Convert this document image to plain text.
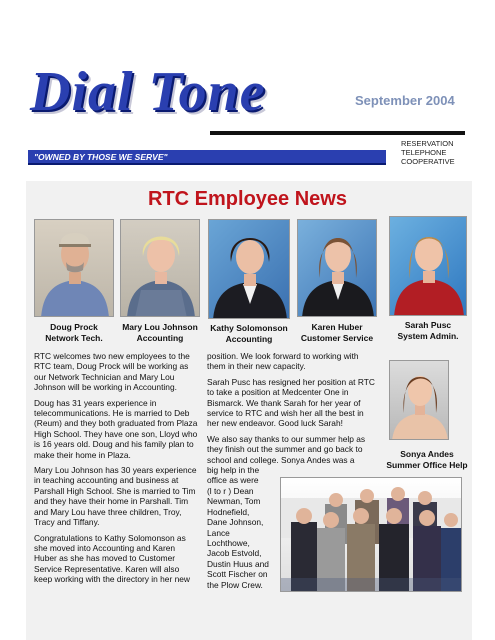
Dial Tone	September 2004
"OWNED BY THOSE WE SERVE"
RESERVATION
TELEPHONE
COOPERATIVE
RTC Employee News
Doug Prock
Network Tech.
Mary Lou Johnson
Accounting
Kathy Solomonson
Accounting
Karen Huber
Customer Service
Sarah Pusc
System Admin.

RTC welcomes two new employees to the RTC team, Doug Prock will be working as our Network Technician and Mary Lou Johnson will be working in Accounting.

Doug has 31 years experience in telecommunications. He is married to Deb (Reum) and they both graduated from Plaza High School. They have one son, Lloyd who is 16 years old. Doug and his family plan to make their home in Plaza.

Mary Lou Johnson has 30 years experience in teaching accounting and business at Parshall High School. She is married to Tim and they have their home in Parshall. Tim and Mary Lou have three children, Troy, Tracy and Tiffany.

Congratulations to Kathy Solomonson as she moved into Accounting and Karen Huber as she has moved to Customer Service Representative. Karen will also keep working with the directory in her new

position. We look forward to working with them in their new capacity.

Sarah Pusc has resigned her position at RTC to take a position at Medcenter One in Bismarck. We thank Sarah for her year of service to RTC and wish her all the best in her new endeavor. Good luck Sarah!

We also say thanks to our summer help as they finish out the summer and go back to school and college. Sonya Andes was a

big help in the
office as were
(l to r ) Dean
Newman, Tom
Hodnefield,
Dane Johnson,
Lance
Lochthowe,
Jacob Estvold,
Dustin Huus and
Scott Fischer on
the Plow Crew.
Sonya Andes
Summer Office Help
